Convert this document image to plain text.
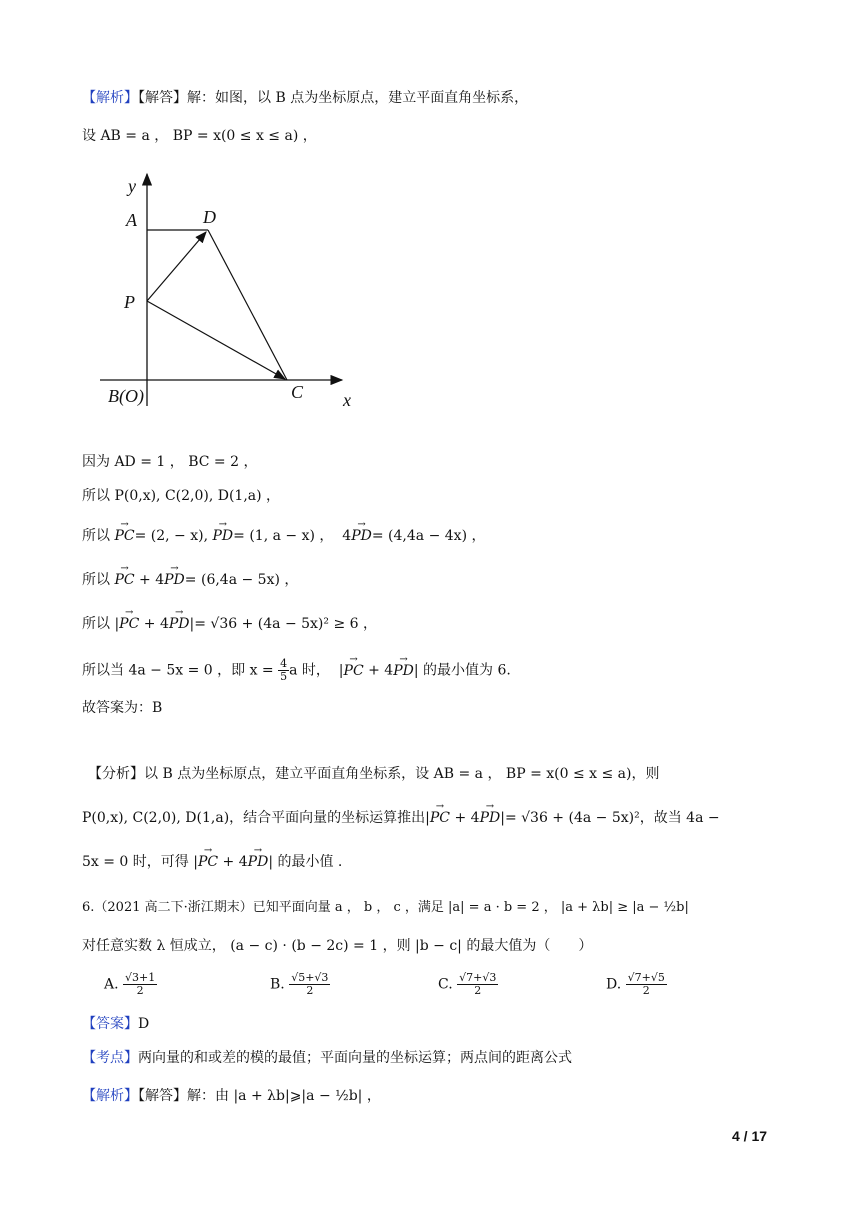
【解析】【解答】解：如图，以 B 点为坐标原点，建立平面直角坐标系，
设 AB = a ， BP = x(0 ≤ x ≤ a) ，
y
A	D
P
C
B(O)	x
因为 AD = 1 ， BC = 2 ，
所以 P(0,x), C(2,0), D(1,a) ，
所以 → PC= (2, − x), → PD= (1, a − x) ， 4→ PD= (4,4a − 4x) ，
所以 → PC + 4→ PD= (6,4a − 5x) ，
所以 |→ PC + 4→ PD|= √36 + (4a − 5x)² ≥ 6 ，
所以当 4a − 5x = 0 ，即 $x = \frac{4}{5}$ a 时，  |→ PC + 4→ PD| 的最小值为 6.
故答案为：B
【分析】以 B 点为坐标原点，建立平面直角坐标系，设 AB = a ， BP = x(0 ≤ x ≤ a)，则
P(0,x), C(2,0), D(1,a)，结合平面向量的坐标运算推出|→ PC + 4→ PD|= √36 + (4a − 5x)²，故当 4a −
5x = 0 时，可得 |→ PC + 4→ PD| 的最小值 .
6.（2021 高二下·浙江期末）已知平面向量 a ， b ， c ，满足 |a| = a · b = 2 ， |a + λb| ≥ |a − ½b|
对任意实数 λ 恒成立， (a − c) · (b − 2c) = 1 ，则 |b − c| 的最大值为（　　）
A. $\frac{√3+1}{2}$	B. $\frac{√5+√3}{2}$	C. $\frac{√7+√3}{2}$	D. $\frac{√7+√5}{2}$
【答案】D
【考点】两向量的和或差的模的最值；平面向量的坐标运算；两点间的距离公式
【解析】【解答】解：由 |a + λb|⩾|a − ½b| ，
4 / 17
